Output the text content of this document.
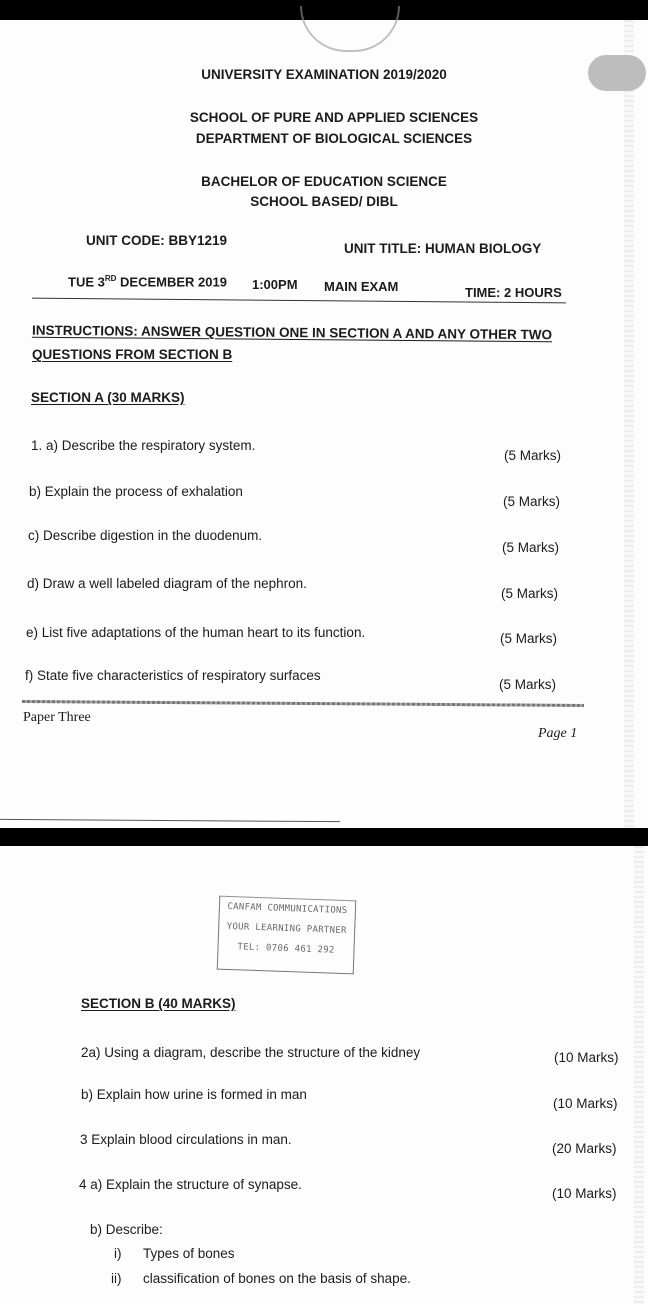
UNIVERSITY EXAMINATION 2019/2020
SCHOOL OF PURE AND APPLIED SCIENCES
DEPARTMENT OF BIOLOGICAL SCIENCES
BACHELOR OF EDUCATION SCIENCE
SCHOOL BASED/ DIBL
UNIT CODE: BBY1219
UNIT TITLE: HUMAN BIOLOGY
TUE 3RD DECEMBER 2019 1:00PM MAIN EXAM	TIME: 2 HOURS
INSTRUCTIONS: ANSWER QUESTION ONE IN SECTION A AND ANY OTHER TWO
QUESTIONS FROM SECTION B
SECTION A (30 MARKS)
1. a) Describe the respiratory system.
(5 Marks)
b) Explain the process of exhalation
(5 Marks)
c) Describe digestion in the duodenum.
(5 Marks)
d) Draw a well labeled diagram of the nephron.
(5 Marks)
e) List five adaptations of the human heart to its function.	(5 Marks)
f) State five characteristics of respiratory surfaces
(5 Marks)
Paper Three
Page 1
CANFAM COMMUNICATIONS
YOUR LEARNING PARTNER
TEL: 0706 461 292
SECTION B (40 MARKS)
2a) Using a diagram, describe the structure of the kidney	(10 Marks)
b) Explain how urine is formed in man
(10 Marks)
3 Explain blood circulations in man.
(20 Marks)
4 a) Explain the structure of synapse.
(10 Marks)
b) Describe:
i) Types of bones
ii) classification of bones on the basis of shape.
